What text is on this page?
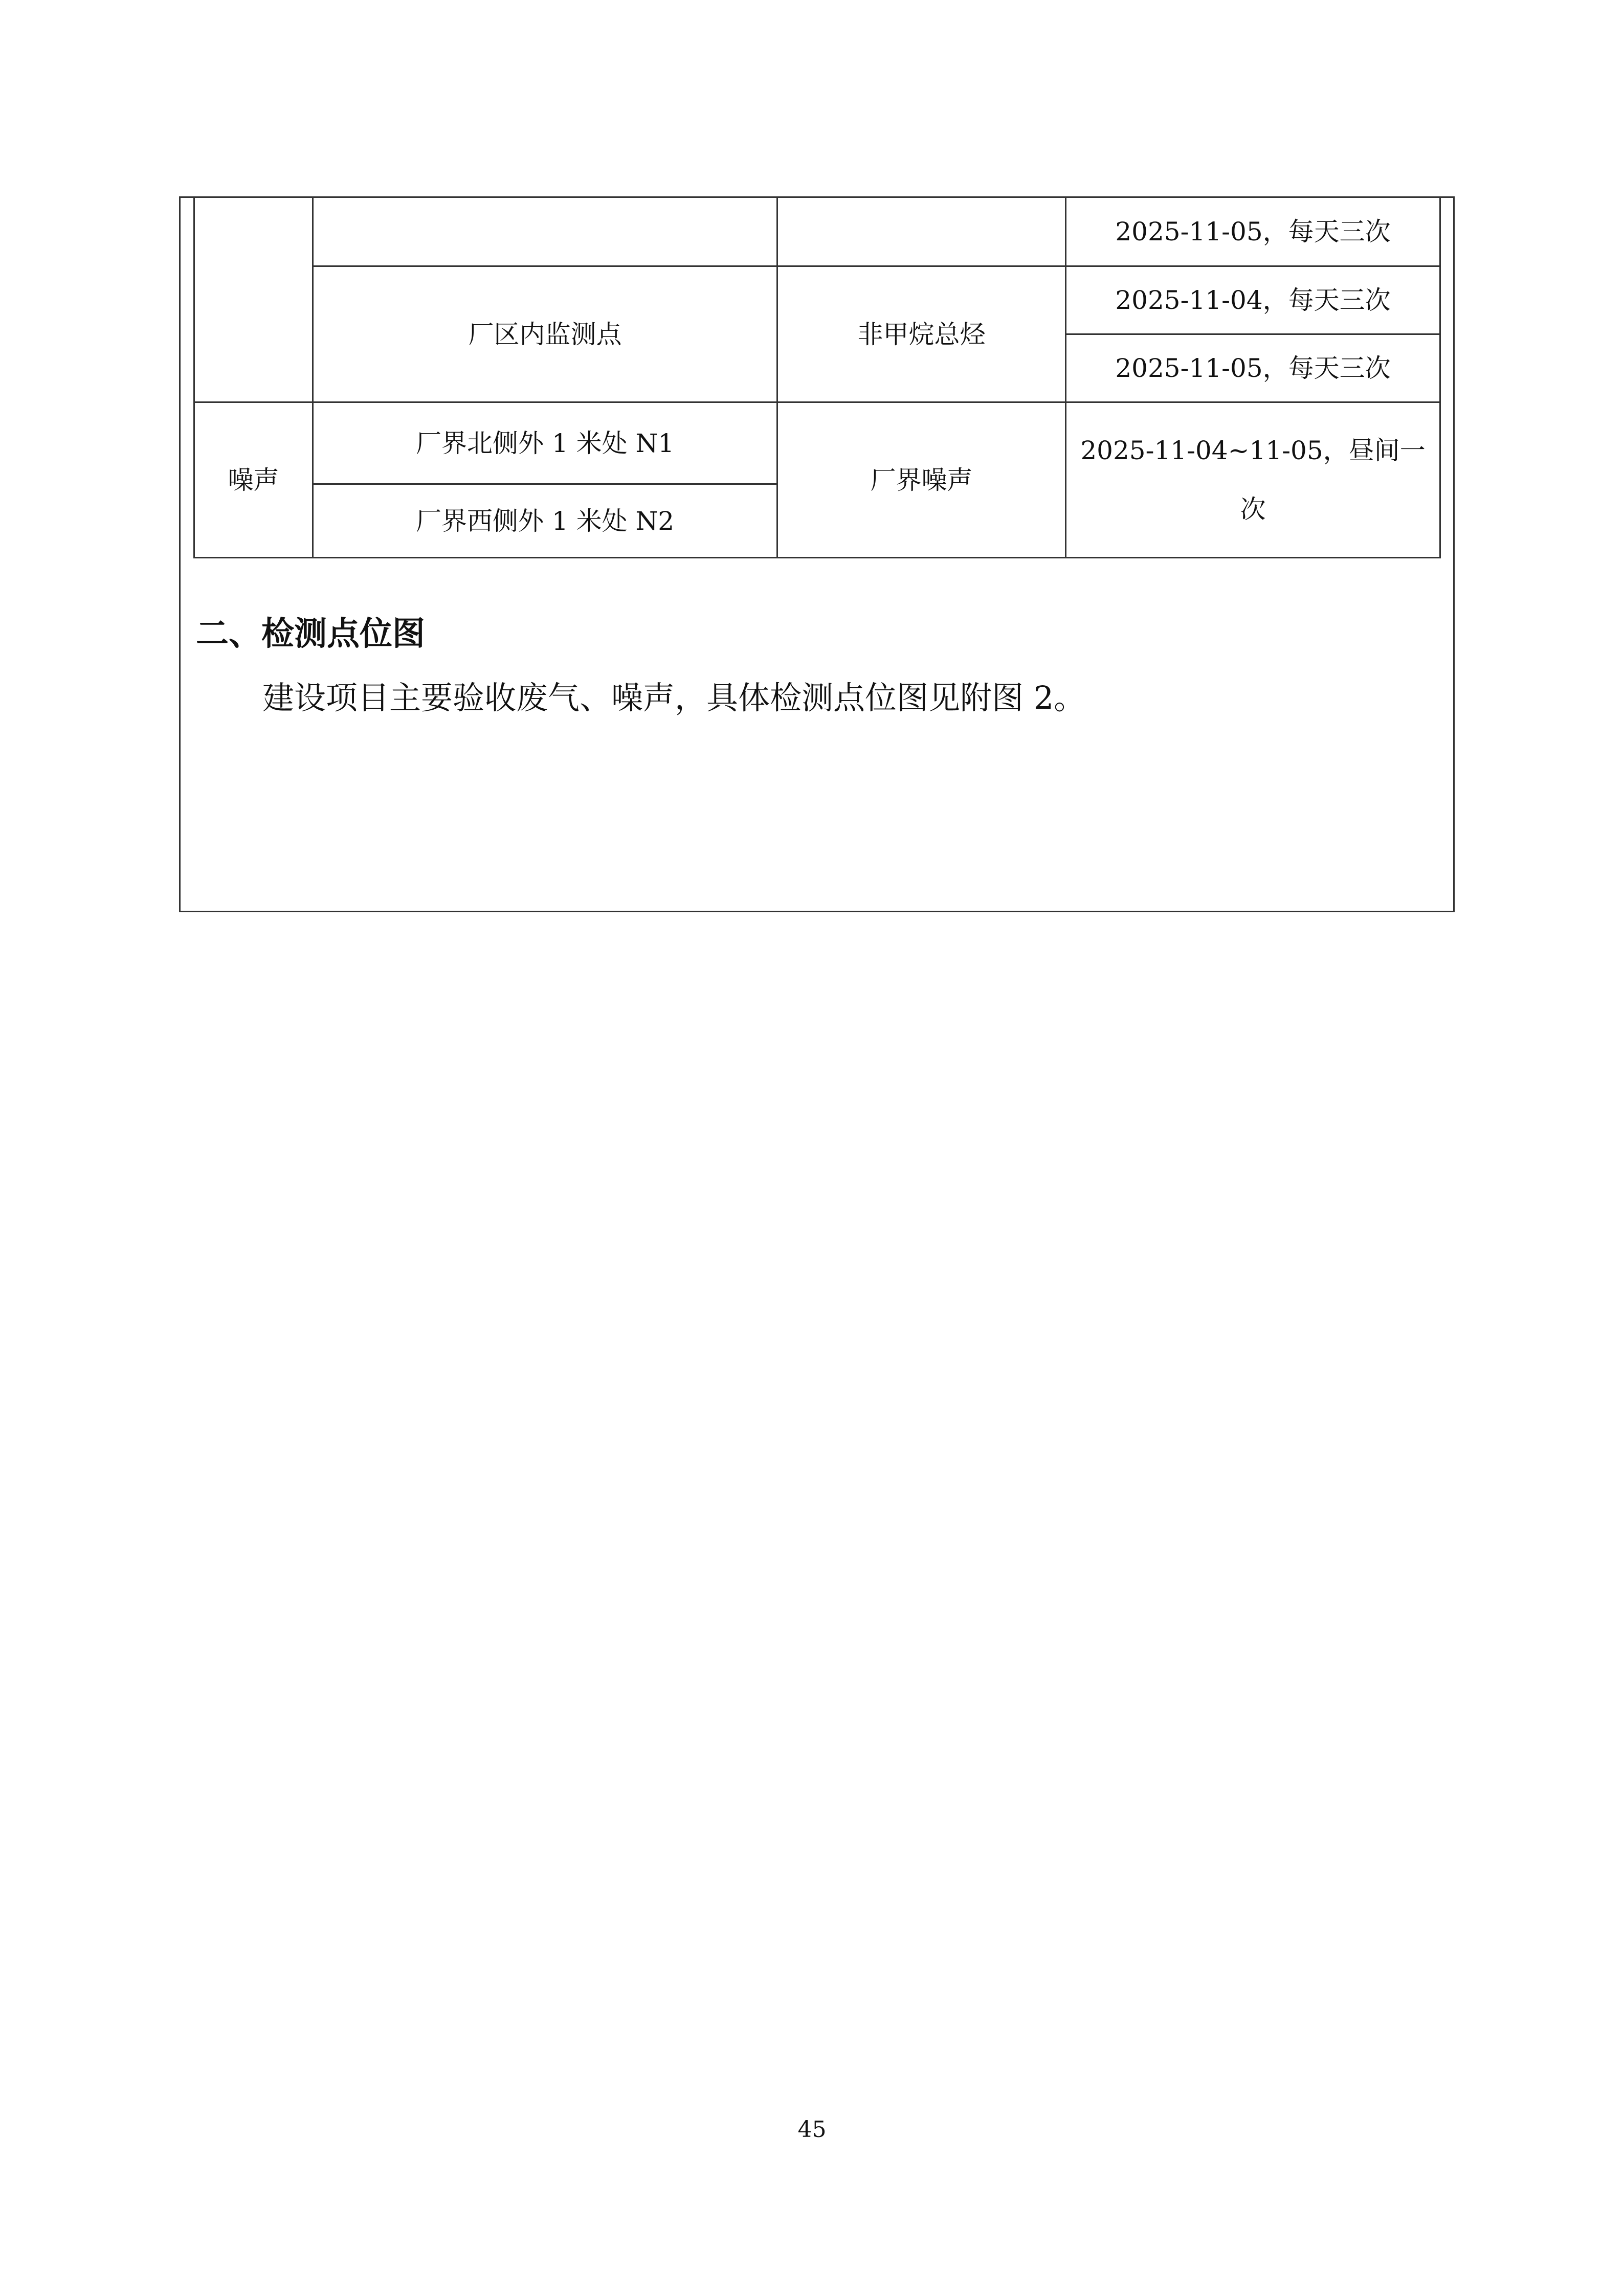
			2025-11-05，每天三次
	厂区内监测点	非甲烷总烃	2025-11-04，每天三次
			2025-11-05，每天三次
噪声	厂界北侧外 1 米处 N1	厂界噪声	2025-11-04~11-05，昼间一次
	厂界西侧外 1 米处 N2		
二、检测点位图

建设项目主要验收废气、噪声，具体检测点位图见附图 2。

45
